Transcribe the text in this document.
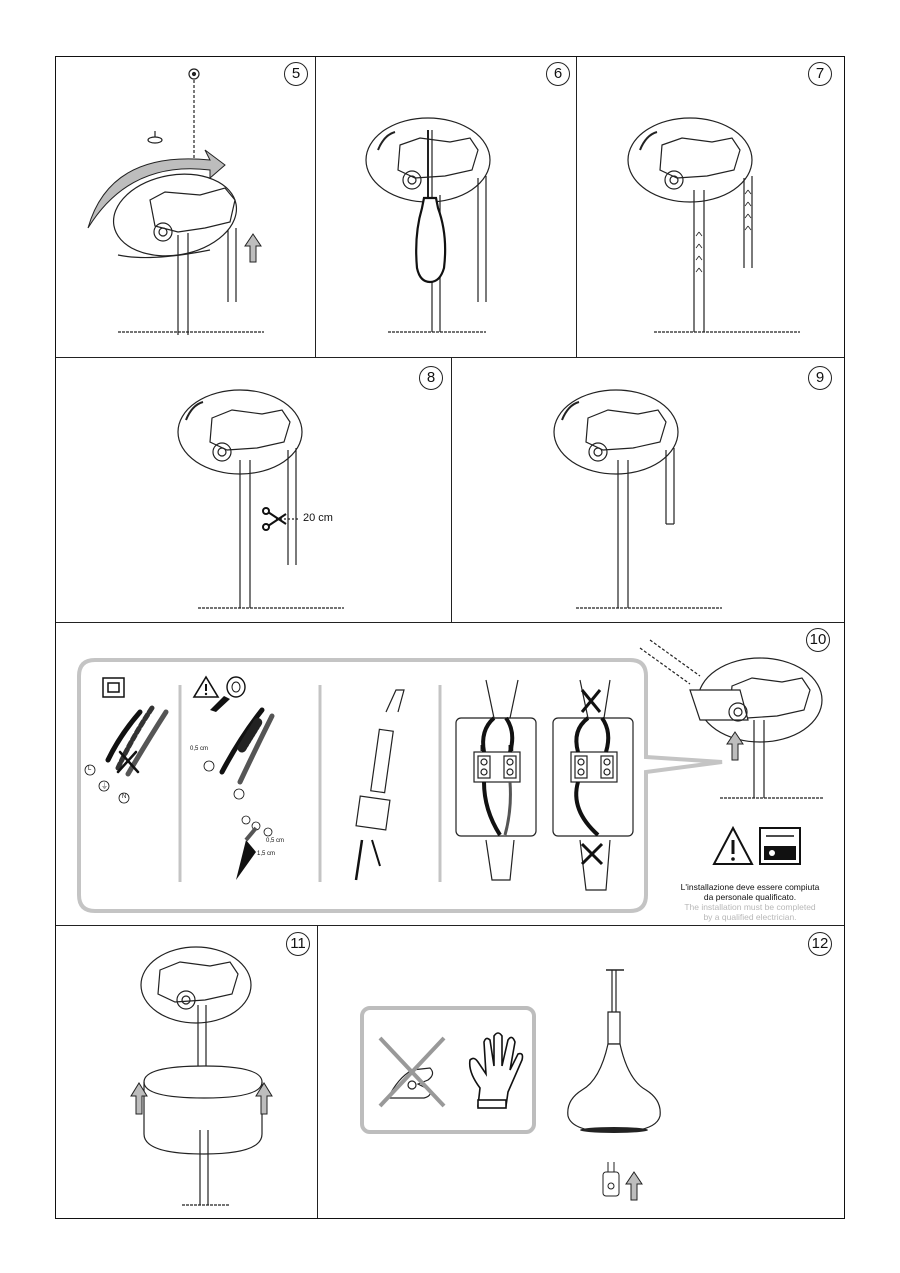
5	6	7
8	9
10
11	12
20 cm
0,5 cm
0,5 cm
1,5 cm
L
N
⏚
L	N
L'installazione deve essere compiuta
da personale qualificato.
The installation must be completed
by a qualified electrician.
